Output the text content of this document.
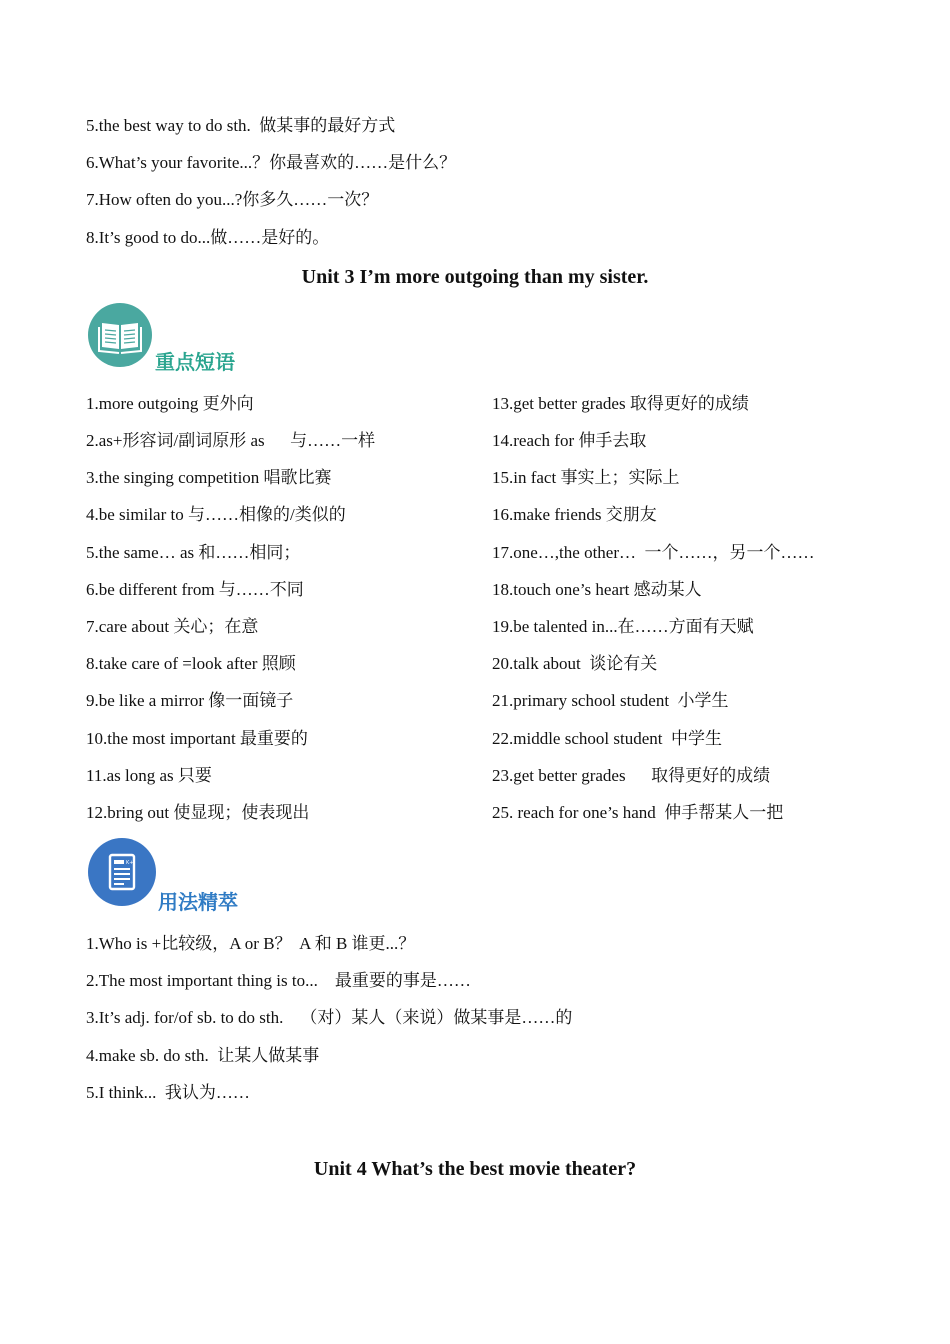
5.the best way to do sth.  做某事的最好方式
6.What’s your favorite...？你最喜欢的……是什么？
7.How often do you...?你多久……一次？
8.It’s good to do...做……是好的。
Unit 3 I’m more outgoing than my sister.
重点短语
1.more outgoing 更外向
2.as+形容词/副词原形 as      与……一样
3.the singing competition 唱歌比赛
4.be similar to 与……相像的/类似的
5.the same… as 和……相同；
6.be different from 与……不同
7.care about 关心；在意
8.take care of =look after 照顾
9.be like a mirror 像一面镜子
10.the most important 最重要的
11.as long as 只要
12.bring out 使显现；使表现出
13.get better grades 取得更好的成绩
14.reach for 伸手去取
15.in fact 事实上；实际上
16.make friends 交朋友
17.one…,the other…  一个……，另一个……
18.touch one’s heart 感动某人
19.be talented in...在……方面有天赋
20.talk about  谈论有关
21.primary school student  小学生
22.middle school student  中学生
23.get better grades      取得更好的成绩
25. reach for one’s hand  伸手帮某人一把
K+
用法精萃
1.Who is +比较级，A or B？  A 和 B 谁更...？
2.The most important thing is to...    最重要的事是……
3.It’s adj. for/of sb. to do sth.    （对）某人（来说）做某事是……的
4.make sb. do sth.  让某人做某事
5.I think...  我认为……
Unit 4 What’s the best movie theater?
